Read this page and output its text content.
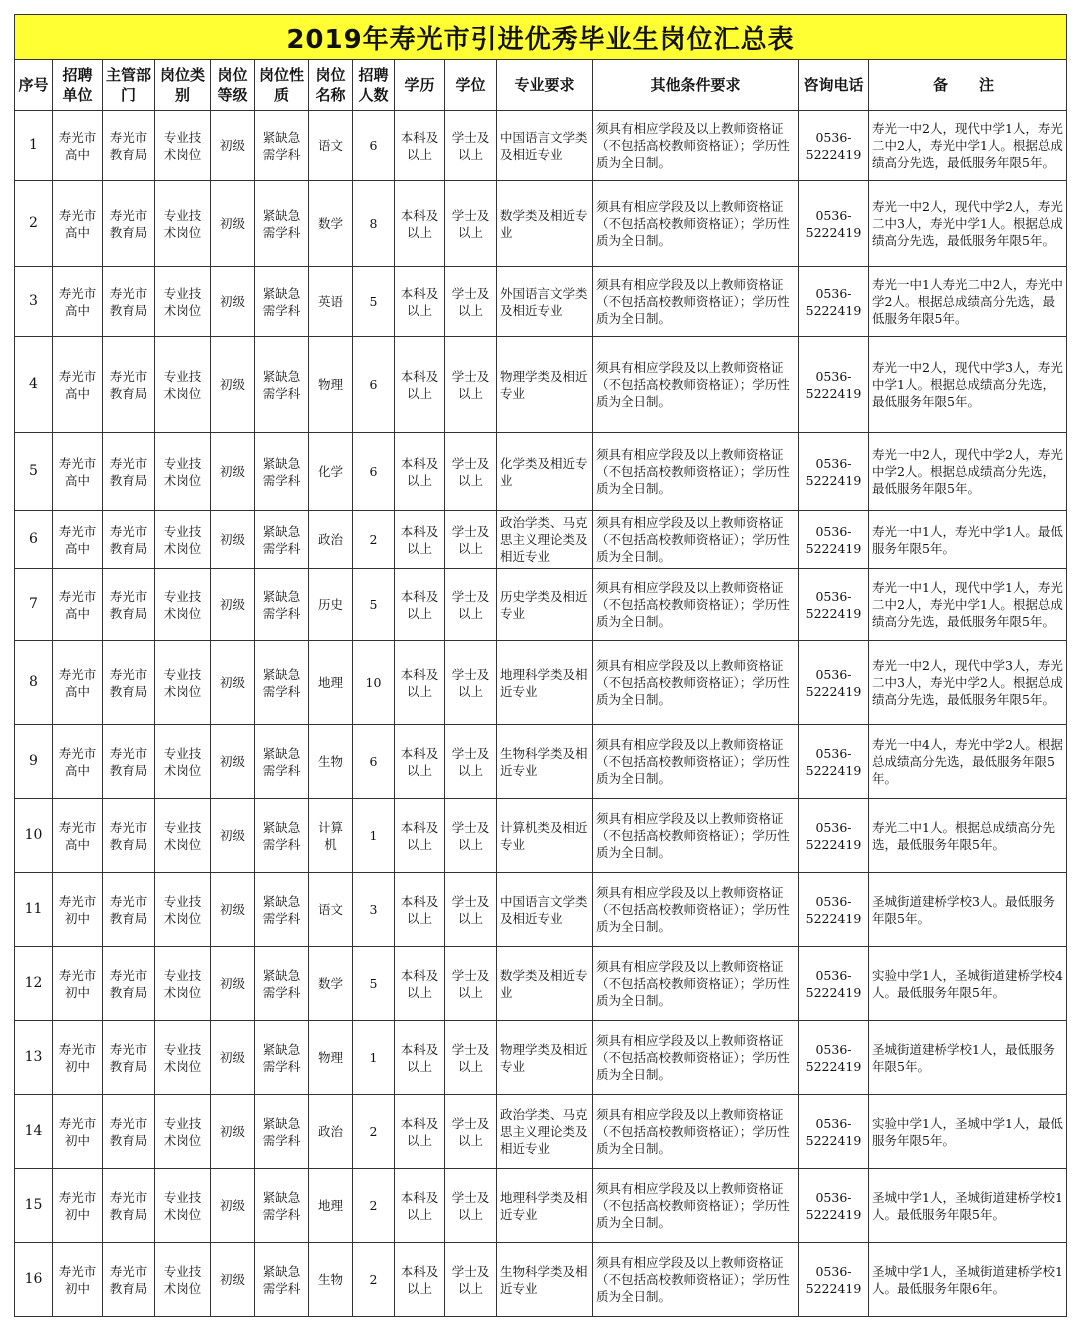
2019年寿光市引进优秀毕业生岗位汇总表													
序号	招聘单位	主管部门	岗位类别	岗位等级	岗位性质	岗位名称	招聘人数	学历	学位	专业要求	其他条件要求	咨询电话	备　注
1	寿光市高中	寿光市教育局	专业技术岗位	初级	紧缺急需学科	语文	6	本科及以上	学士及以上	中国语言文学类及相近专业	须具有相应学段及以上教师资格证（不包括高校教师资格证）；学历性质为全日制。	0536-5222419	寿光一中2人，现代中学1人，寿光二中2人，寿光中学1人。根据总成绩高分先选，最低服务年限5年。
2	寿光市高中	寿光市教育局	专业技术岗位	初级	紧缺急需学科	数学	8	本科及以上	学士及以上	数学类及相近专业	须具有相应学段及以上教师资格证（不包括高校教师资格证）；学历性质为全日制。	0536-5222419	寿光一中2人，现代中学2人，寿光二中3人，寿光中学1人。根据总成绩高分先选，最低服务年限5年。
3	寿光市高中	寿光市教育局	专业技术岗位	初级	紧缺急需学科	英语	5	本科及以上	学士及以上	外国语言文学类及相近专业	须具有相应学段及以上教师资格证（不包括高校教师资格证）；学历性质为全日制。	0536-5222419	寿光一中1人寿光二中2人，寿光中学2人。根据总成绩高分先选，最低服务年限5年。
4	寿光市高中	寿光市教育局	专业技术岗位	初级	紧缺急需学科	物理	6	本科及以上	学士及以上	物理学类及相近专业	须具有相应学段及以上教师资格证（不包括高校教师资格证）；学历性质为全日制。	0536-5222419	寿光一中2人，现代中学3人，寿光中学1人。根据总成绩高分先选，最低服务年限5年。
5	寿光市高中	寿光市教育局	专业技术岗位	初级	紧缺急需学科	化学	6	本科及以上	学士及以上	化学类及相近专业	须具有相应学段及以上教师资格证（不包括高校教师资格证）；学历性质为全日制。	0536-5222419	寿光一中2人，现代中学2人，寿光中学2人。根据总成绩高分先选，最低服务年限5年。
6	寿光市高中	寿光市教育局	专业技术岗位	初级	紧缺急需学科	政治	2	本科及以上	学士及以上	政治学类、马克思主义理论类及相近专业	须具有相应学段及以上教师资格证（不包括高校教师资格证）；学历性质为全日制。	0536-5222419	寿光一中1人，寿光中学1人。最低服务年限5年。
7	寿光市高中	寿光市教育局	专业技术岗位	初级	紧缺急需学科	历史	5	本科及以上	学士及以上	历史学类及相近专业	须具有相应学段及以上教师资格证（不包括高校教师资格证）；学历性质为全日制。	0536-5222419	寿光一中1人，现代中学1人，寿光二中2人，寿光中学1人。根据总成绩高分先选，最低服务年限5年。
8	寿光市高中	寿光市教育局	专业技术岗位	初级	紧缺急需学科	地理	10	本科及以上	学士及以上	地理科学类及相近专业	须具有相应学段及以上教师资格证（不包括高校教师资格证）；学历性质为全日制。	0536-5222419	寿光一中2人，现代中学3人，寿光二中3人，寿光中学2人。根据总成绩高分先选，最低服务年限5年。
9	寿光市高中	寿光市教育局	专业技术岗位	初级	紧缺急需学科	生物	6	本科及以上	学士及以上	生物科学类及相近专业	须具有相应学段及以上教师资格证（不包括高校教师资格证）；学历性质为全日制。	0536-5222419	寿光一中4人，寿光中学2人。根据总成绩高分先选，最低服务年限5年。
10	寿光市高中	寿光市教育局	专业技术岗位	初级	紧缺急需学科	计算机	1	本科及以上	学士及以上	计算机类及相近专业	须具有相应学段及以上教师资格证（不包括高校教师资格证）；学历性质为全日制。	0536-5222419	寿光二中1人。根据总成绩高分先选，最低服务年限5年。
11	寿光市初中	寿光市教育局	专业技术岗位	初级	紧缺急需学科	语文	3	本科及以上	学士及以上	中国语言文学类及相近专业	须具有相应学段及以上教师资格证（不包括高校教师资格证）；学历性质为全日制。	0536-5222419	圣城街道建桥学校3人。最低服务年限5年。
12	寿光市初中	寿光市教育局	专业技术岗位	初级	紧缺急需学科	数学	5	本科及以上	学士及以上	数学类及相近专业	须具有相应学段及以上教师资格证（不包括高校教师资格证）；学历性质为全日制。	0536-5222419	实验中学1人，圣城街道建桥学校4人。最低服务年限5年。
13	寿光市初中	寿光市教育局	专业技术岗位	初级	紧缺急需学科	物理	1	本科及以上	学士及以上	物理学类及相近专业	须具有相应学段及以上教师资格证（不包括高校教师资格证）；学历性质为全日制。	0536-5222419	圣城街道建桥学校1人，最低服务年限5年。
14	寿光市初中	寿光市教育局	专业技术岗位	初级	紧缺急需学科	政治	2	本科及以上	学士及以上	政治学类、马克思主义理论类及相近专业	须具有相应学段及以上教师资格证（不包括高校教师资格证）；学历性质为全日制。	0536-5222419	实验中学1人，圣城中学1人，最低服务年限5年。
15	寿光市初中	寿光市教育局	专业技术岗位	初级	紧缺急需学科	地理	2	本科及以上	学士及以上	地理科学类及相近专业	须具有相应学段及以上教师资格证（不包括高校教师资格证）；学历性质为全日制。	0536-5222419	圣城中学1人，圣城街道建桥学校1人。最低服务年限5年。
16	寿光市初中	寿光市教育局	专业技术岗位	初级	紧缺急需学科	生物	2	本科及以上	学士及以上	生物科学类及相近专业	须具有相应学段及以上教师资格证（不包括高校教师资格证）；学历性质为全日制。	0536-5222419	圣城中学1人，圣城街道建桥学校1人。最低服务年限6年。
